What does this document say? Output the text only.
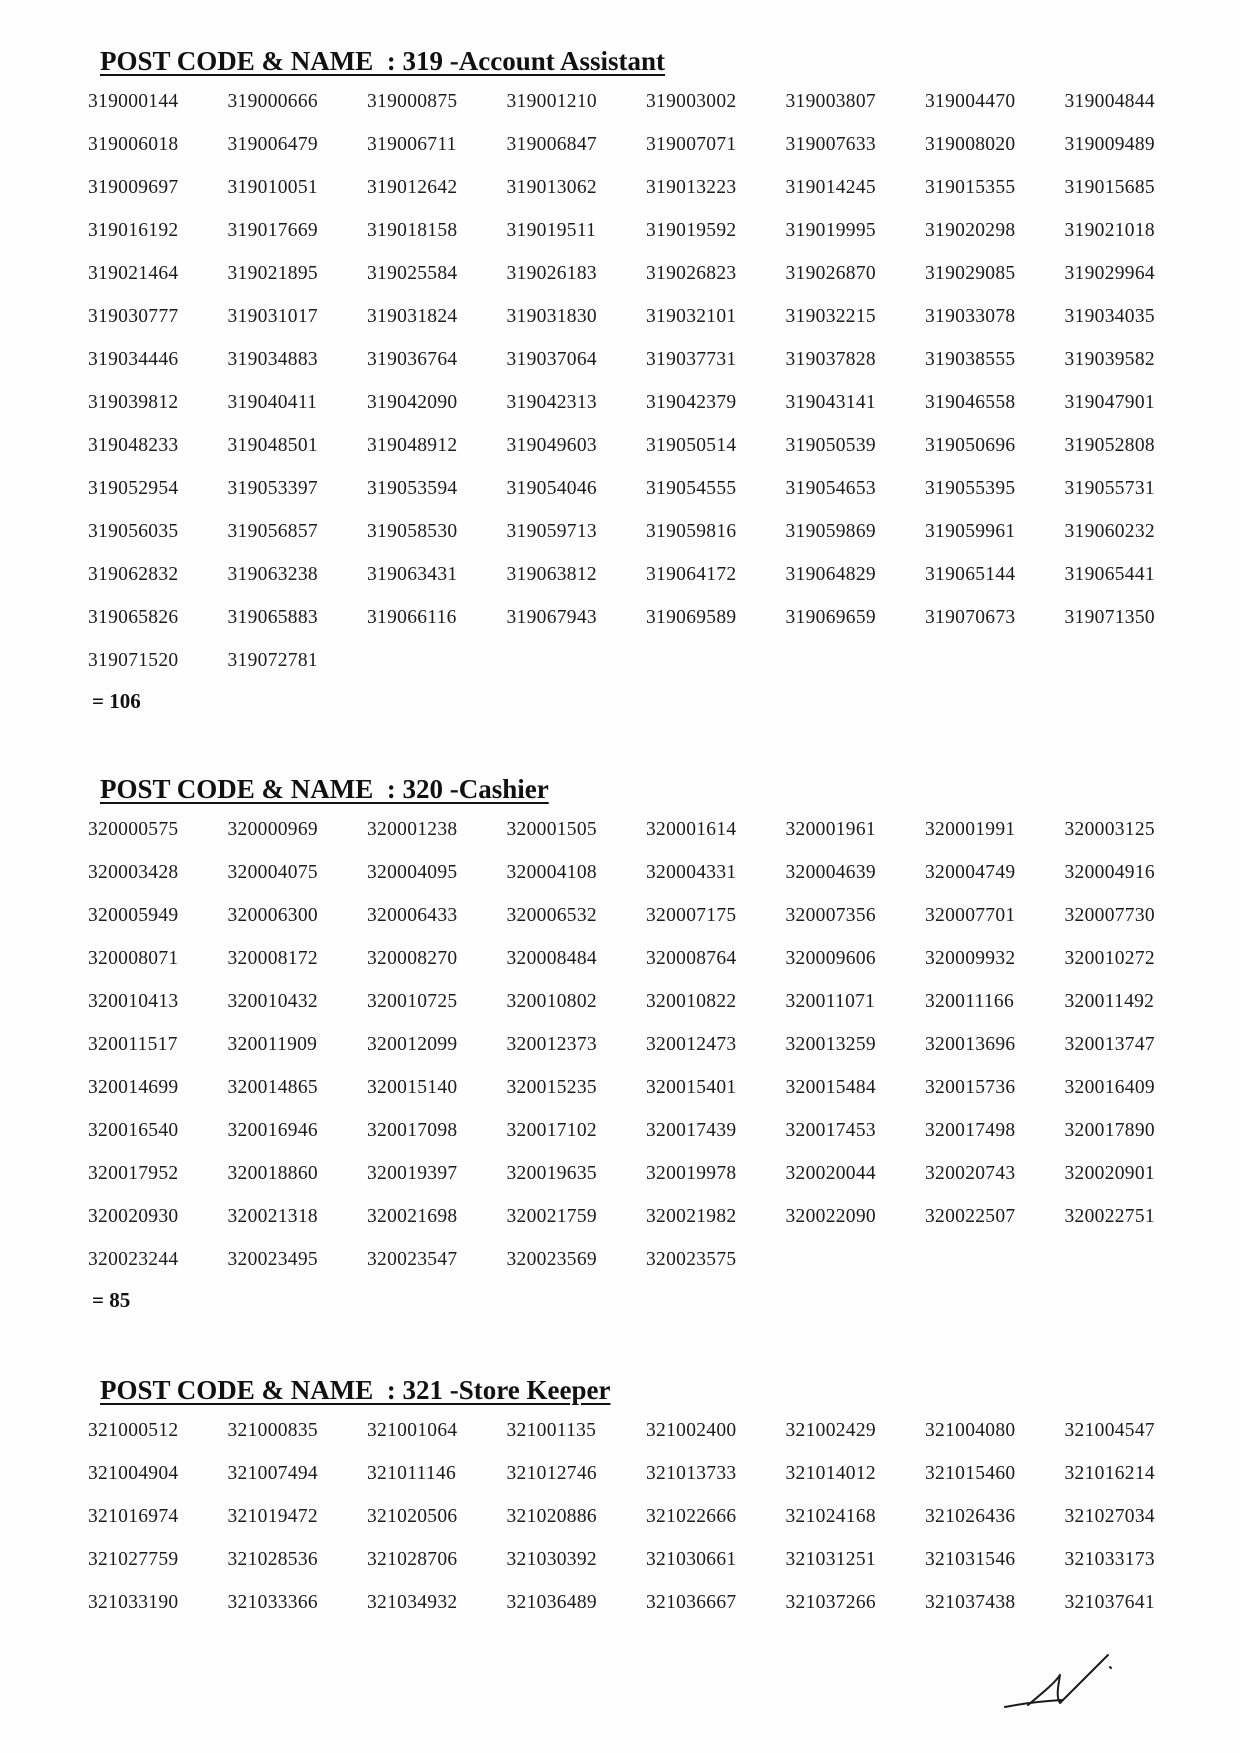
POST CODE & NAME  : 319 -Account Assistant
319000144	319000666	319000875	319001210	319003002	319003807	319004470	319004844
319006018	319006479	319006711	319006847	319007071	319007633	319008020	319009489
319009697	319010051	319012642	319013062	319013223	319014245	319015355	319015685
319016192	319017669	319018158	319019511	319019592	319019995	319020298	319021018
319021464	319021895	319025584	319026183	319026823	319026870	319029085	319029964
319030777	319031017	319031824	319031830	319032101	319032215	319033078	319034035
319034446	319034883	319036764	319037064	319037731	319037828	319038555	319039582
319039812	319040411	319042090	319042313	319042379	319043141	319046558	319047901
319048233	319048501	319048912	319049603	319050514	319050539	319050696	319052808
319052954	319053397	319053594	319054046	319054555	319054653	319055395	319055731
319056035	319056857	319058530	319059713	319059816	319059869	319059961	319060232
319062832	319063238	319063431	319063812	319064172	319064829	319065144	319065441
319065826	319065883	319066116	319067943	319069589	319069659	319070673	319071350
319071520	319072781
= 106
POST CODE & NAME  : 320 -Cashier
320000575	320000969	320001238	320001505	320001614	320001961	320001991	320003125
320003428	320004075	320004095	320004108	320004331	320004639	320004749	320004916
320005949	320006300	320006433	320006532	320007175	320007356	320007701	320007730
320008071	320008172	320008270	320008484	320008764	320009606	320009932	320010272
320010413	320010432	320010725	320010802	320010822	320011071	320011166	320011492
320011517	320011909	320012099	320012373	320012473	320013259	320013696	320013747
320014699	320014865	320015140	320015235	320015401	320015484	320015736	320016409
320016540	320016946	320017098	320017102	320017439	320017453	320017498	320017890
320017952	320018860	320019397	320019635	320019978	320020044	320020743	320020901
320020930	320021318	320021698	320021759	320021982	320022090	320022507	320022751
320023244	320023495	320023547	320023569	320023575
= 85
POST CODE & NAME  : 321 -Store Keeper
321000512	321000835	321001064	321001135	321002400	321002429	321004080	321004547
321004904	321007494	321011146	321012746	321013733	321014012	321015460	321016214
321016974	321019472	321020506	321020886	321022666	321024168	321026436	321027034
321027759	321028536	321028706	321030392	321030661	321031251	321031546	321033173
321033190	321033366	321034932	321036489	321036667	321037266	321037438	321037641
